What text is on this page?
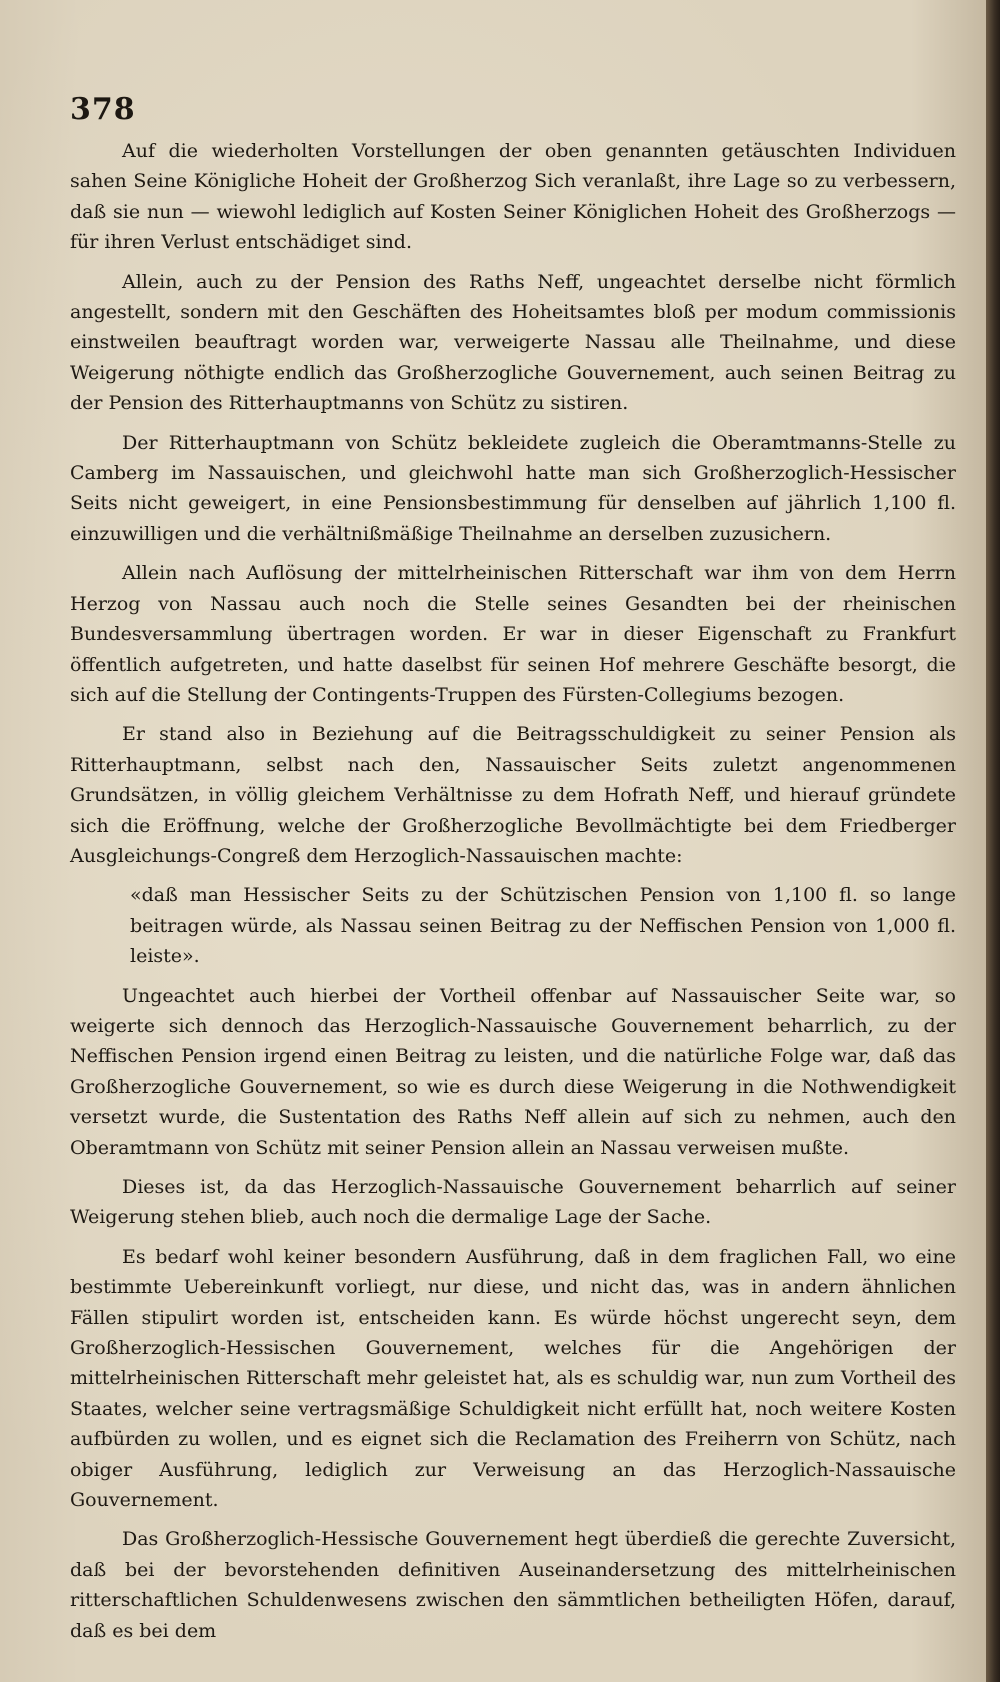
378

Auf die wiederholten Vorstellungen der oben genannten getäuschten Individuen sahen Seine Königliche Hoheit der Großherzog Sich veranlaßt, ihre Lage so zu verbessern, daß sie nun — wiewohl lediglich auf Kosten Seiner Königlichen Hoheit des Großherzogs — für ihren Verlust entschädiget sind.

Allein, auch zu der Pension des Raths Neff, ungeachtet derselbe nicht förmlich angestellt, sondern mit den Geschäften des Hoheitsamtes bloß per modum commissionis einstweilen beauftragt worden war, verweigerte Nassau alle Theilnahme, und diese Weigerung nöthigte endlich das Großherzogliche Gouvernement, auch seinen Beitrag zu der Pension des Ritterhauptmanns von Schütz zu sistiren.

Der Ritterhauptmann von Schütz bekleidete zugleich die Oberamtmanns-Stelle zu Camberg im Nassauischen, und gleichwohl hatte man sich Großherzoglich-Hessischer Seits nicht geweigert, in eine Pensionsbestimmung für denselben auf jährlich 1,100 fl. einzuwilligen und die verhältnißmäßige Theilnahme an derselben zuzusichern.

Allein nach Auflösung der mittelrheinischen Ritterschaft war ihm von dem Herrn Herzog von Nassau auch noch die Stelle seines Gesandten bei der rheinischen Bundesversammlung übertragen worden. Er war in dieser Eigenschaft zu Frankfurt öffentlich aufgetreten, und hatte daselbst für seinen Hof mehrere Geschäfte besorgt, die sich auf die Stellung der Contingents-Truppen des Fürsten-Collegiums bezogen.

Er stand also in Beziehung auf die Beitragsschuldigkeit zu seiner Pension als Ritterhauptmann, selbst nach den, Nassauischer Seits zuletzt angenommenen Grundsätzen, in völlig gleichem Verhältnisse zu dem Hofrath Neff, und hierauf gründete sich die Eröffnung, welche der Großherzogliche Bevollmächtigte bei dem Friedberger Ausgleichungs-Congreß dem Herzoglich-Nassauischen machte:

«daß man Hessischer Seits zu der Schützischen Pension von 1,100 fl. so lange beitragen würde, als Nassau seinen Beitrag zu der Neffischen Pension von 1,000 fl. leiste».

Ungeachtet auch hierbei der Vortheil offenbar auf Nassauischer Seite war, so weigerte sich dennoch das Herzoglich-Nassauische Gouvernement beharrlich, zu der Neffischen Pension irgend einen Beitrag zu leisten, und die natürliche Folge war, daß das Großherzogliche Gouvernement, so wie es durch diese Weigerung in die Nothwendigkeit versetzt wurde, die Sustentation des Raths Neff allein auf sich zu nehmen, auch den Oberamtmann von Schütz mit seiner Pension allein an Nassau verweisen mußte.

Dieses ist, da das Herzoglich-Nassauische Gouvernement beharrlich auf seiner Weigerung stehen blieb, auch noch die dermalige Lage der Sache.

Es bedarf wohl keiner besondern Ausführung, daß in dem fraglichen Fall, wo eine bestimmte Uebereinkunft vorliegt, nur diese, und nicht das, was in andern ähnlichen Fällen stipulirt worden ist, entscheiden kann. Es würde höchst ungerecht seyn, dem Großherzoglich-Hessischen Gouvernement, welches für die Angehörigen der mittelrheinischen Ritterschaft mehr geleistet hat, als es schuldig war, nun zum Vortheil des Staates, welcher seine vertragsmäßige Schuldigkeit nicht erfüllt hat, noch weitere Kosten aufbürden zu wollen, und es eignet sich die Reclamation des Freiherrn von Schütz, nach obiger Ausführung, lediglich zur Verweisung an das Herzoglich-Nassauische Gouvernement.

Das Großherzoglich-Hessische Gouvernement hegt überdieß die gerechte Zuversicht, daß bei der bevorstehenden definitiven Auseinandersetzung des mittelrheinischen ritterschaftlichen Schuldenwesens zwischen den sämmtlichen betheiligten Höfen, darauf, daß es bei dem
